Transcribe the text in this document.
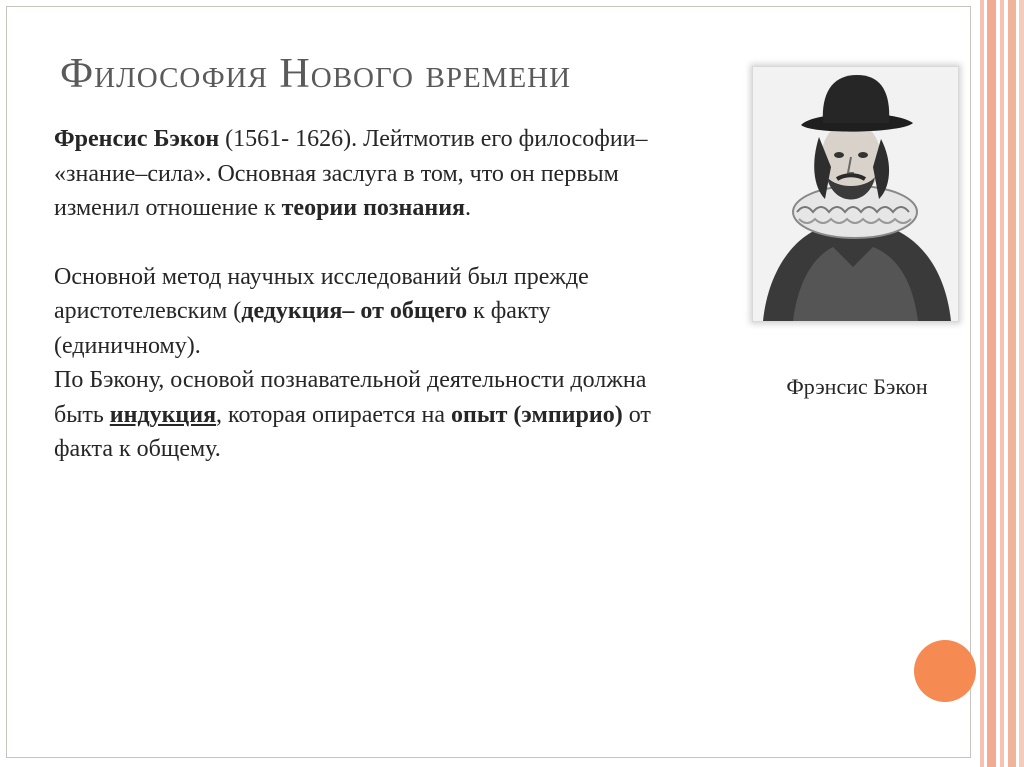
Философия Нового времени

Френсис Бэкон (1561- 1626). Лейтмотив его философии– «знание–сила». Основная заслуга в том, что он первым изменил отношение к теории познания.

Основной метод научных исследований был прежде аристотелевским (дедукция– от общего к факту (единичному).

По Бэкону, основой познавательной деятельности должна быть индукция, которая опирается на опыт (эмпирио) от факта к общему.

Фрэнсис Бэкон
